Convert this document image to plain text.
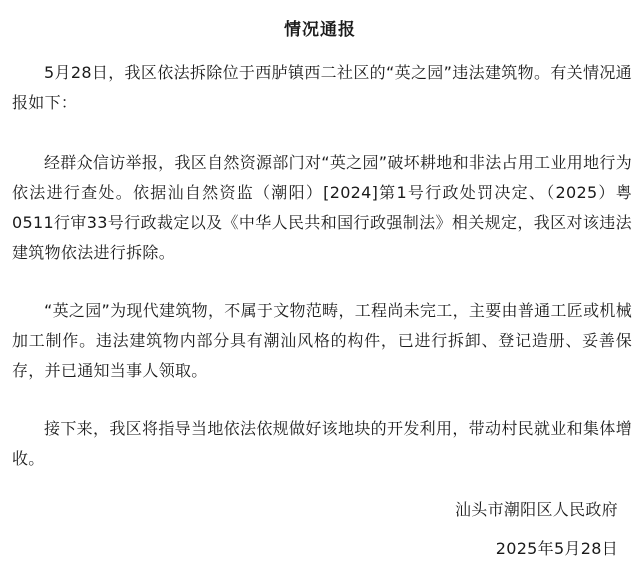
情况通报

5月28日，我区依法拆除位于西胪镇西二社区的“英之园”违法建筑物。有关情况通报如下：

经群众信访举报，我区自然资源部门对“英之园”破坏耕地和非法占用工业用地行为依法进行查处。依据汕自然资监（潮阳）[2024]第1号行政处罚决定、（2025）粤0511行审33号行政裁定以及《中华人民共和国行政强制法》相关规定，我区对该违法建筑物依法进行拆除。

“英之园”为现代建筑物，不属于文物范畴，工程尚未完工，主要由普通工匠或机械加工制作。违法建筑物内部分具有潮汕风格的构件，已进行拆卸、登记造册、妥善保存，并已通知当事人领取。

接下来，我区将指导当地依法依规做好该地块的开发利用，带动村民就业和集体增收。

汕头市潮阳区人民政府
2025年5月28日
